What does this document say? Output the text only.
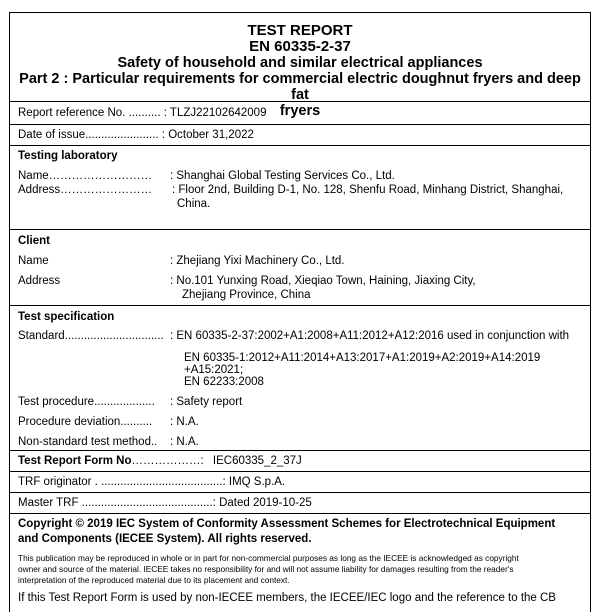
TEST REPORT
EN 60335-2-37
Safety of household and similar electrical appliances
Part 2 : Particular requirements for commercial electric doughnut fryers and deep fat
fryers
Report reference No. .......... : TLZJ22102642009
Date of issue....................... : October 31,2022
Testing laboratory
Name………………………	: Shanghai Global Testing Services Co., Ltd.
Address……………………	: Floor 2nd, Building D-1, No. 128, Shenfu Road, Minhang District, Shanghai,
China.
Client
Name	: Zhejiang Yixi Machinery Co., Ltd.
Address	: No.101 Yunxing Road, Xieqiao Town, Haining, Jiaxing City,
Zhejiang Province, China
Test specification
Standard............................... : EN 60335-2-37:2002+A1:2008+A11:2012+A12:2016 used in conjunction with
EN 60335-1:2012+A11:2014+A13:2017+A1:2019+A2:2019+A14:2019
+A15:2021;
EN 62233:2008
Test procedure...................	: Safety report
Procedure deviation..........	: N.A.
Non-standard test method..	: N.A.
Test Report Form No………………: IEC60335_2_37J
TRF originator . ......................................: IMQ S.p.A.
Master TRF .........................................: Dated 2019-10-25
Copyright © 2019 IEC System of Conformity Assessment Schemes for Electrotechnical Equipment
and Components (IECEE System). All rights reserved.
This publication may be reproduced in whole or in part for non-commercial purposes as long as the IECEE is acknowledged as copyright
owner and source of the material. IECEE takes no responsibility for and will not assume liability for damages resulting from the reader's
interpretation of the reproduced material due to its placement and context.
If this Test Report Form is used by non-IECEE members, the IECEE/IEC logo and the reference to the CB
